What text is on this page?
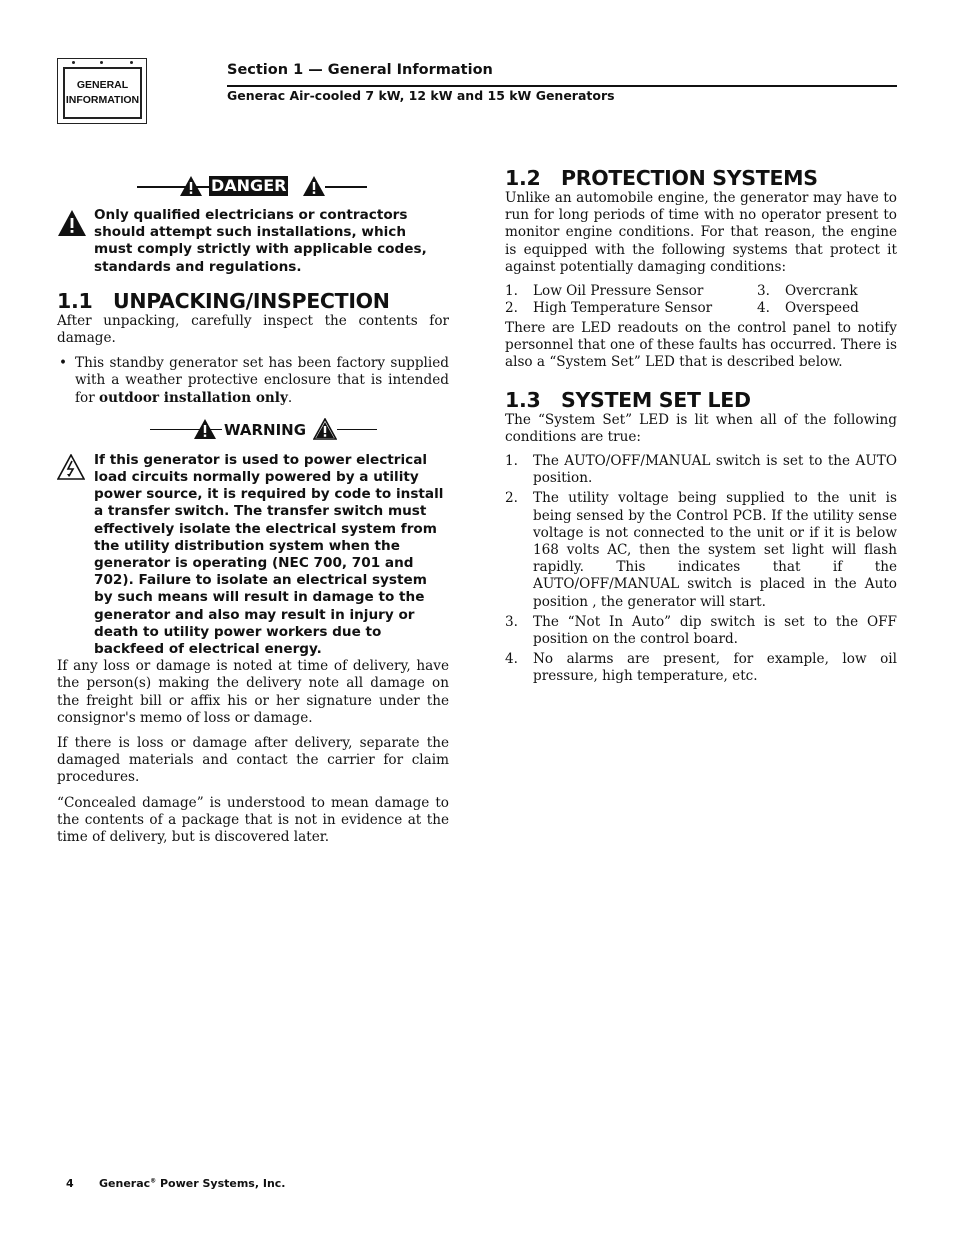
GENERAL
INFORMATION
Section 1 — General Information
Generac Air-cooled 7 kW, 12 kW and 15 kW Generators
DANGER
Only qualified electricians or contractors should attempt such installations, which must comply strictly with applicable codes, standards and regulations.
1.1 UNPACKING/INSPECTION

After unpacking, carefully inspect the contents for damage.

• This standby generator set has been factory supplied with a weather protective enclosure that is intended for outdoor installation only.
WARNING
If this generator is used to power electrical load circuits normally powered by a utility power source, it is required by code to install a transfer switch. The transfer switch must effectively isolate the electrical system from the utility distribution system when the generator is operating (NEC 700, 701 and 702). Failure to isolate an electrical system by such means will result in damage to the generator and also may result in injury or death to utility power workers due to backfeed of electrical energy.

If any loss or damage is noted at time of delivery, have the person(s) making the delivery note all damage on the freight bill or affix his or her signature under the consignor's memo of loss or damage.

If there is loss or damage after delivery, separate the damaged materials and contact the carrier for claim procedures.

“Concealed damage” is understood to mean damage to the contents of a package that is not in evidence at the time of delivery, but is discovered later.

1.2 PROTECTION SYSTEMS

Unlike an automobile engine, the generator may have to run for long periods of time with no operator present to monitor engine conditions. For that reason, the engine is equipped with the following systems that protect it against potentially damaging conditions:

1. Low Oil Pressure Sensor	3. Overcrank
2. High Temperature Sensor	4. Overspeed

There are LED readouts on the control panel to notify personnel that one of these faults has occurred. There is also a “System Set” LED that is described below.

1.3 SYSTEM SET LED

The “System Set” LED is lit when all of the following conditions are true:

1. The AUTO/OFF/MANUAL switch is set to the AUTO position.
2. The utility voltage being supplied to the unit is being sensed by the Control PCB. If the utility sense voltage is not connected to the unit or if it is below 168 volts AC, then the system set light will flash rapidly. This indicates that if the AUTO/OFF/MANUAL switch is placed in the Auto position , the generator will start.
3. The “Not In Auto” dip switch is set to the OFF position on the control board.
4. No alarms are present, for example, low oil pressure, high temperature, etc.
4 Generac® Power Systems, Inc.
